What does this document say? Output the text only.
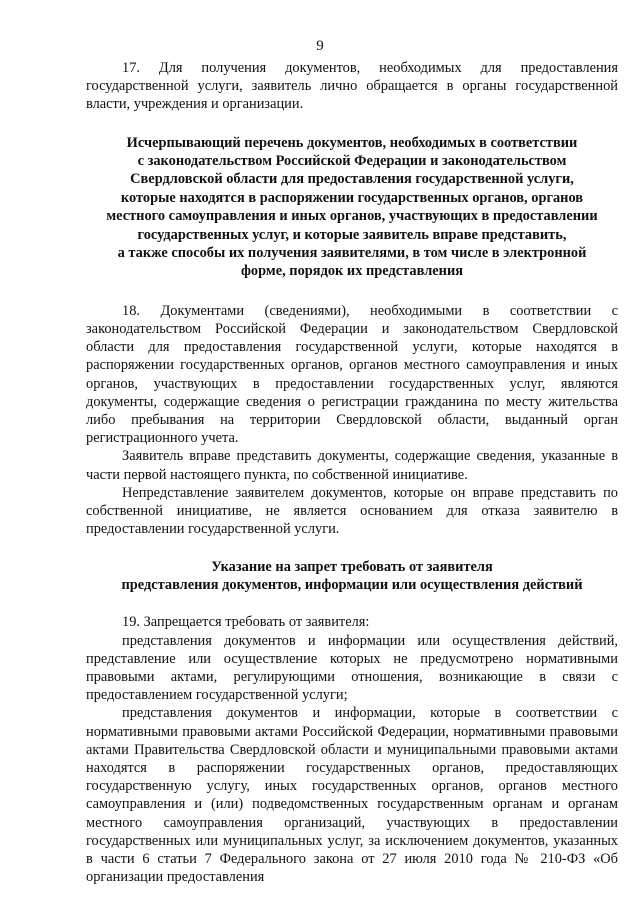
9

17. Для получения документов, необходимых для предоставления государственной услуги, заявитель лично обращается в органы государственной власти, учреждения и организации.

Исчерпывающий перечень документов, необходимых в соответствии
с законодательством Российской Федерации и законодательством
Свердловской области для предоставления государственной услуги,
которые находятся в распоряжении государственных органов, органов
местного самоуправления и иных органов, участвующих в предоставлении
государственных услуг, и которые заявитель вправе представить,
а также способы их получения заявителями, в том числе в электронной
форме, порядок их представления

18. Документами (сведениями), необходимыми в соответствии с законодательством Российской Федерации и законодательством Свердловской области для предоставления государственной услуги, которые находятся в распоряжении государственных органов, органов местного самоуправления и иных органов, участвующих в предоставлении государственных услуг, являются документы, содержащие сведения о регистрации гражданина по месту жительства либо пребывания на территории Свердловской области, выданный орган регистрационного учета.

Заявитель вправе представить документы, содержащие сведения, указанные в части первой настоящего пункта, по собственной инициативе.

Непредставление заявителем документов, которые он вправе представить по собственной инициативе, не является основанием для отказа заявителю в предоставлении государственной услуги.

Указание на запрет требовать от заявителя
представления документов, информации или осуществления действий

19. Запрещается требовать от заявителя:

представления документов и информации или осуществления действий, представление или осуществление которых не предусмотрено нормативными правовыми актами, регулирующими отношения, возникающие в связи с предоставлением государственной услуги;

представления документов и информации, которые в соответствии с нормативными правовыми актами Российской Федерации, нормативными правовыми актами Правительства Свердловской области и муниципальными правовыми актами находятся в распоряжении государственных органов, предоставляющих государственную услугу, иных государственных органов, органов местного самоуправления и (или) подведомственных государственным органам и органам местного самоуправления организаций, участвующих в предоставлении государственных или муниципальных услуг, за исключением документов, указанных в части 6 статьи 7 Федерального закона от 27 июля 2010 года № 210-ФЗ «Об организации предоставления
